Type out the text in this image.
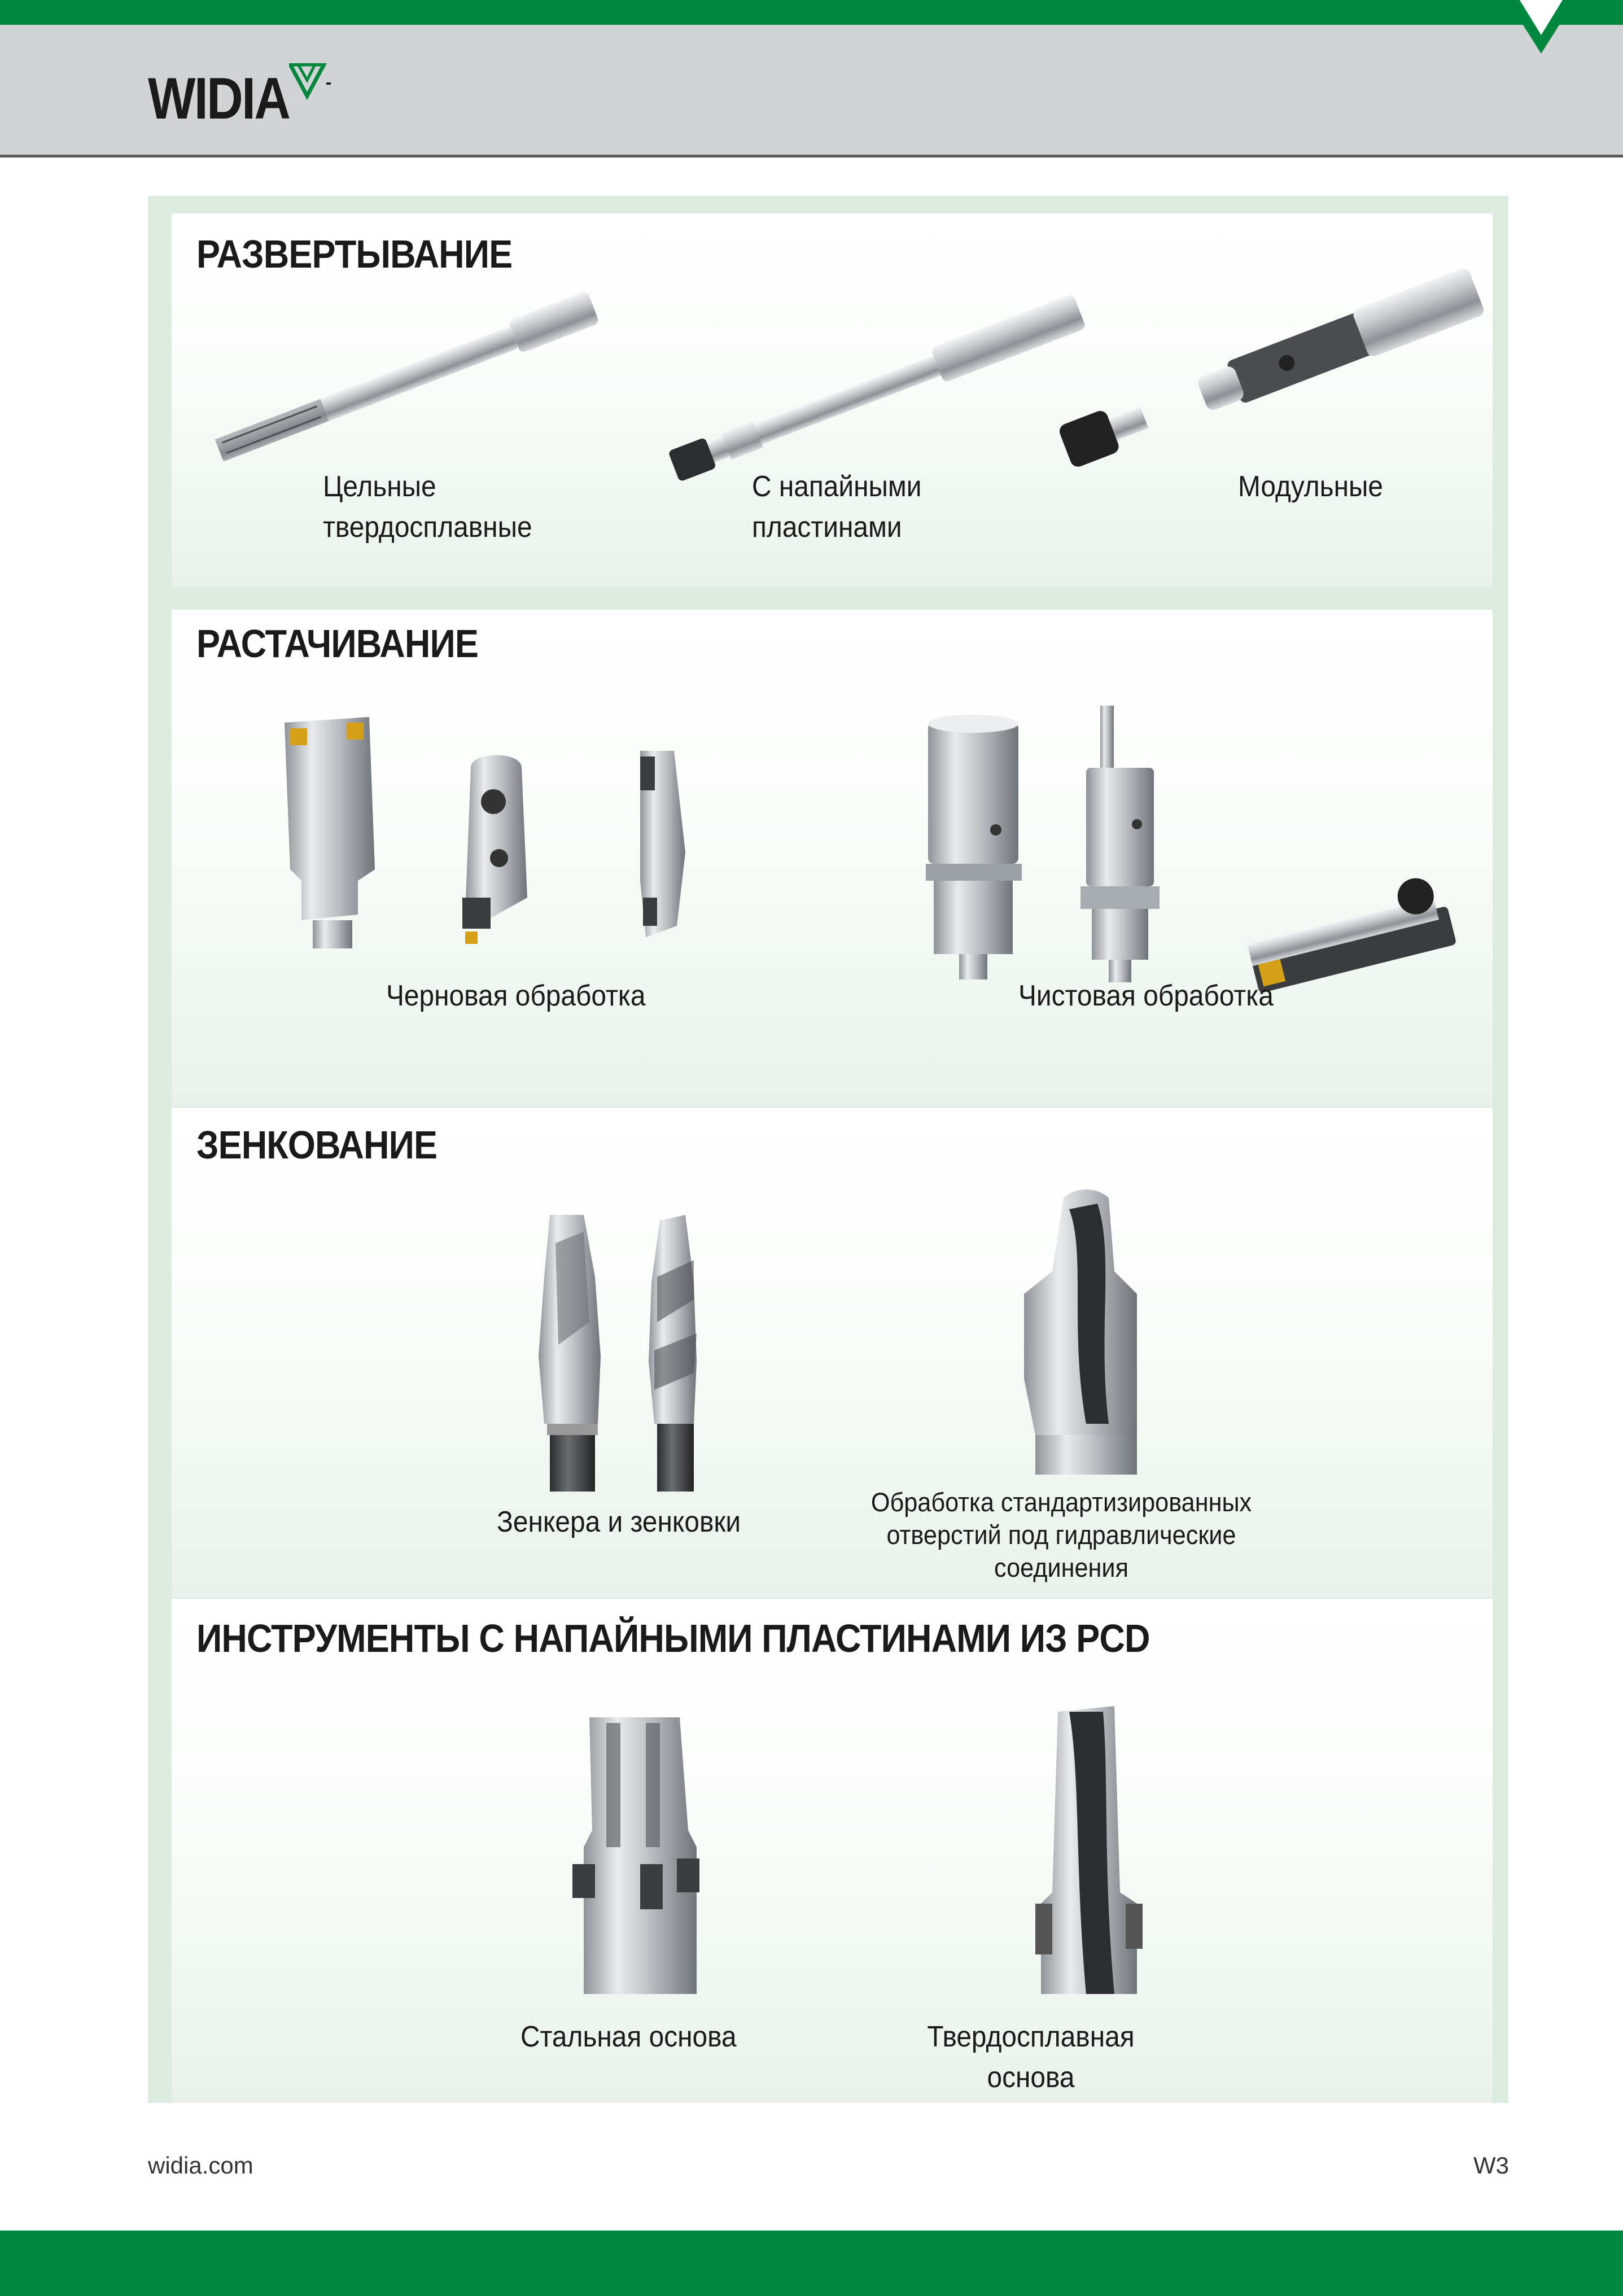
WIDIA
РАЗВЕРТЫВАНИЕ
Цельные
твердосплавные
С напайными
пластинами
Модульные
РАСТАЧИВАНИЕ
Черновая обработка	Чистовая обработка
ЗЕНКОВАНИЕ
Зенкера и зенковки
Обработка стандартизированных
отверстий под гидравлические
соединения
ИНСТРУМЕНТЫ С НАПАЙНЫМИ ПЛАСТИНАМИ ИЗ PCD
Стальная основа	Твердосплавная
основа
widia.com	W3
